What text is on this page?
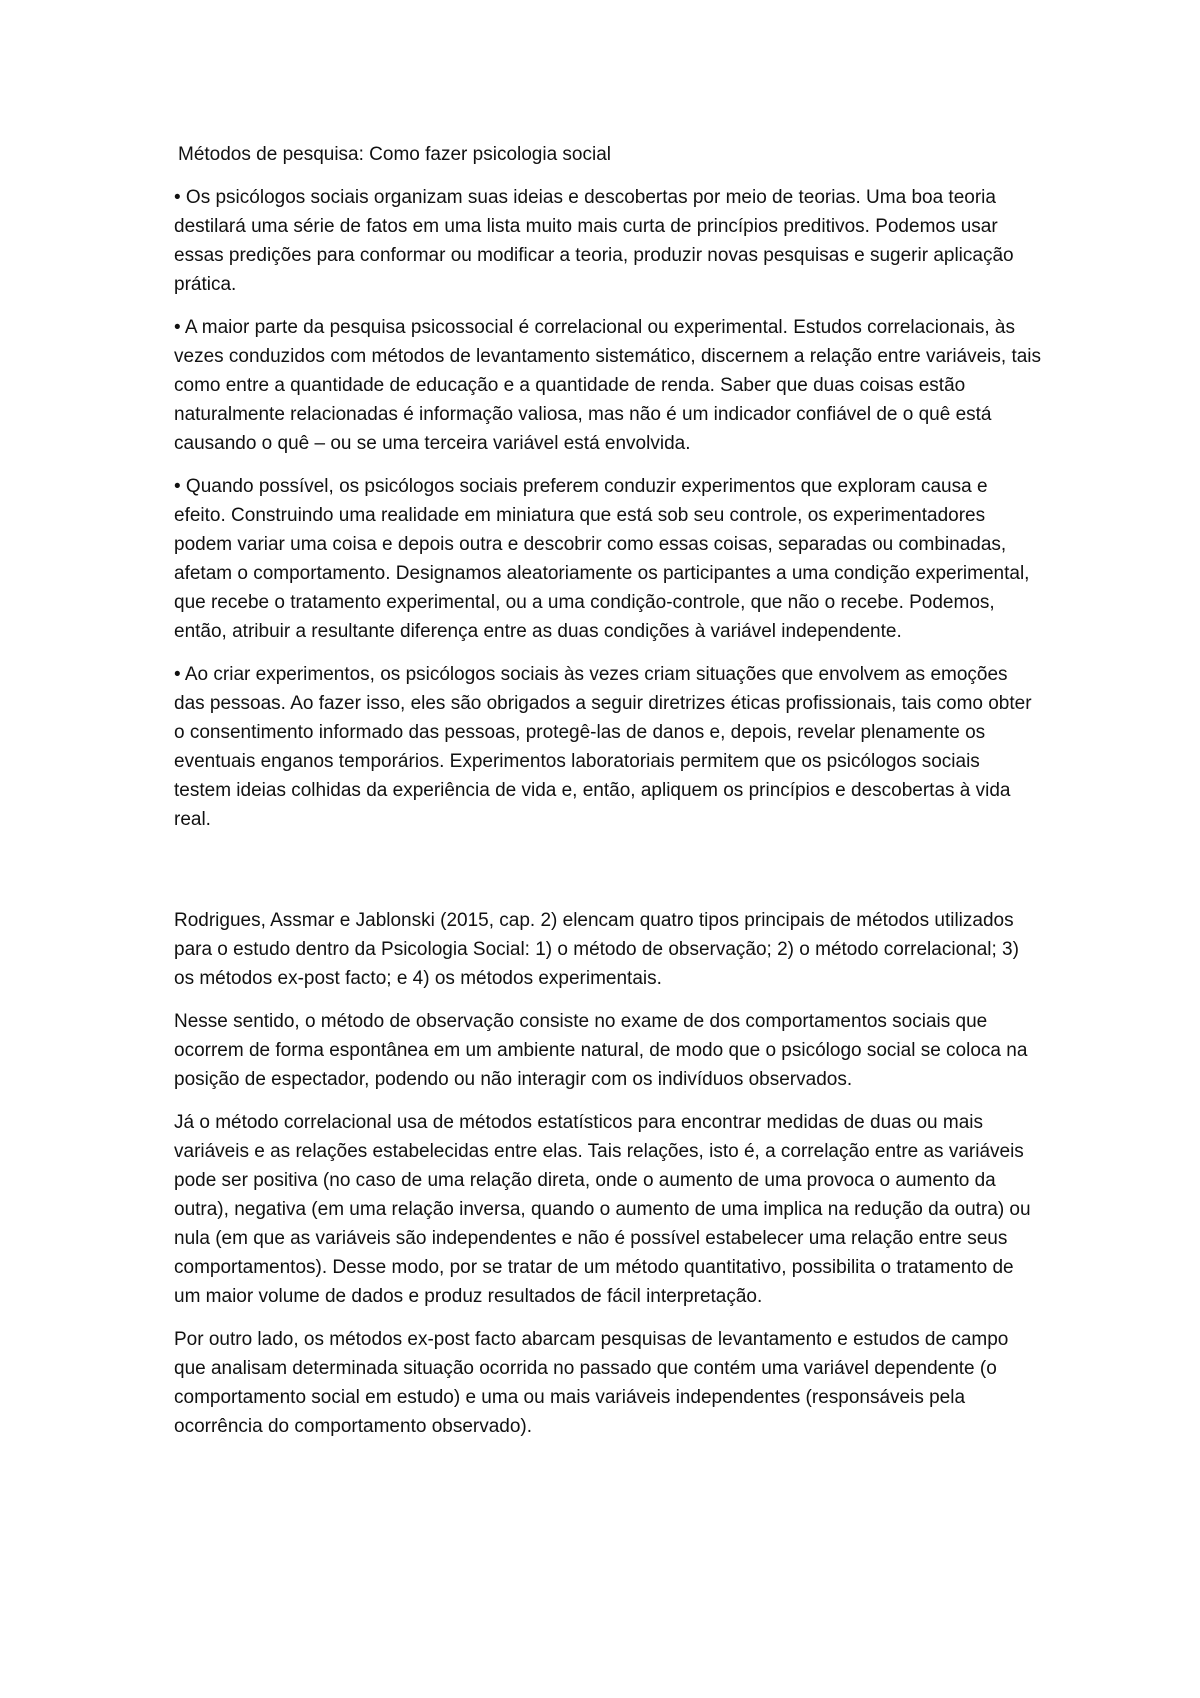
Métodos de pesquisa: Como fazer psicologia social

• Os psicólogos sociais organizam suas ideias e descobertas por meio de teorias. Uma boa teoria destilará uma série de fatos em uma lista muito mais curta de princípios preditivos. Podemos usar essas predições para conformar ou modificar a teoria, produzir novas pesquisas e sugerir aplicação prática.

• A maior parte da pesquisa psicossocial é correlacional ou experimental. Estudos correlacionais, às vezes conduzidos com métodos de levantamento sistemático, discernem a relação entre variáveis, tais como entre a quantidade de educação e a quantidade de renda. Saber que duas coisas estão naturalmente relacionadas é informação valiosa, mas não é um indicador confiável de o quê está causando o quê – ou se uma terceira variável está envolvida.

• Quando possível, os psicólogos sociais preferem conduzir experimentos que exploram causa e efeito. Construindo uma realidade em miniatura que está sob seu controle, os experimentadores podem variar uma coisa e depois outra e descobrir como essas coisas, separadas ou combinadas, afetam o comportamento. Designamos aleatoriamente os participantes a uma condição experimental, que recebe o tratamento experimental, ou a uma condição-controle, que não o recebe. Podemos, então, atribuir a resultante diferença entre as duas condições à variável independente.

• Ao criar experimentos, os psicólogos sociais às vezes criam situações que envolvem as emoções das pessoas. Ao fazer isso, eles são obrigados a seguir diretrizes éticas profissionais, tais como obter o consentimento informado das pessoas, protegê-las de danos e, depois, revelar plenamente os eventuais enganos temporários. Experimentos laboratoriais permitem que os psicólogos sociais testem ideias colhidas da experiência de vida e, então, apliquem os princípios e descobertas à vida real.

Rodrigues, Assmar e Jablonski (2015, cap. 2) elencam quatro tipos principais de métodos utilizados para o estudo dentro da Psicologia Social: 1) o método de observação; 2) o método correlacional; 3) os métodos ex-post facto; e 4) os métodos experimentais.

Nesse sentido, o método de observação consiste no exame de dos comportamentos sociais que ocorrem de forma espontânea em um ambiente natural, de modo que o psicólogo social se coloca na posição de espectador, podendo ou não interagir com os indivíduos observados.

Já o método correlacional usa de métodos estatísticos para encontrar medidas de duas ou mais variáveis e as relações estabelecidas entre elas. Tais relações, isto é, a correlação entre as variáveis pode ser positiva (no caso de uma relação direta, onde o aumento de uma provoca o aumento da outra), negativa (em uma relação inversa, quando o aumento de uma implica na redução da outra) ou nula (em que as variáveis são independentes e não é possível estabelecer uma relação entre seus comportamentos). Desse modo, por se tratar de um método quantitativo, possibilita o tratamento de um maior volume de dados e produz resultados de fácil interpretação.

Por outro lado, os métodos ex-post facto abarcam pesquisas de levantamento e estudos de campo que analisam determinada situação ocorrida no passado que contém uma variável dependente (o comportamento social em estudo) e uma ou mais variáveis independentes (responsáveis pela ocorrência do comportamento observado).
